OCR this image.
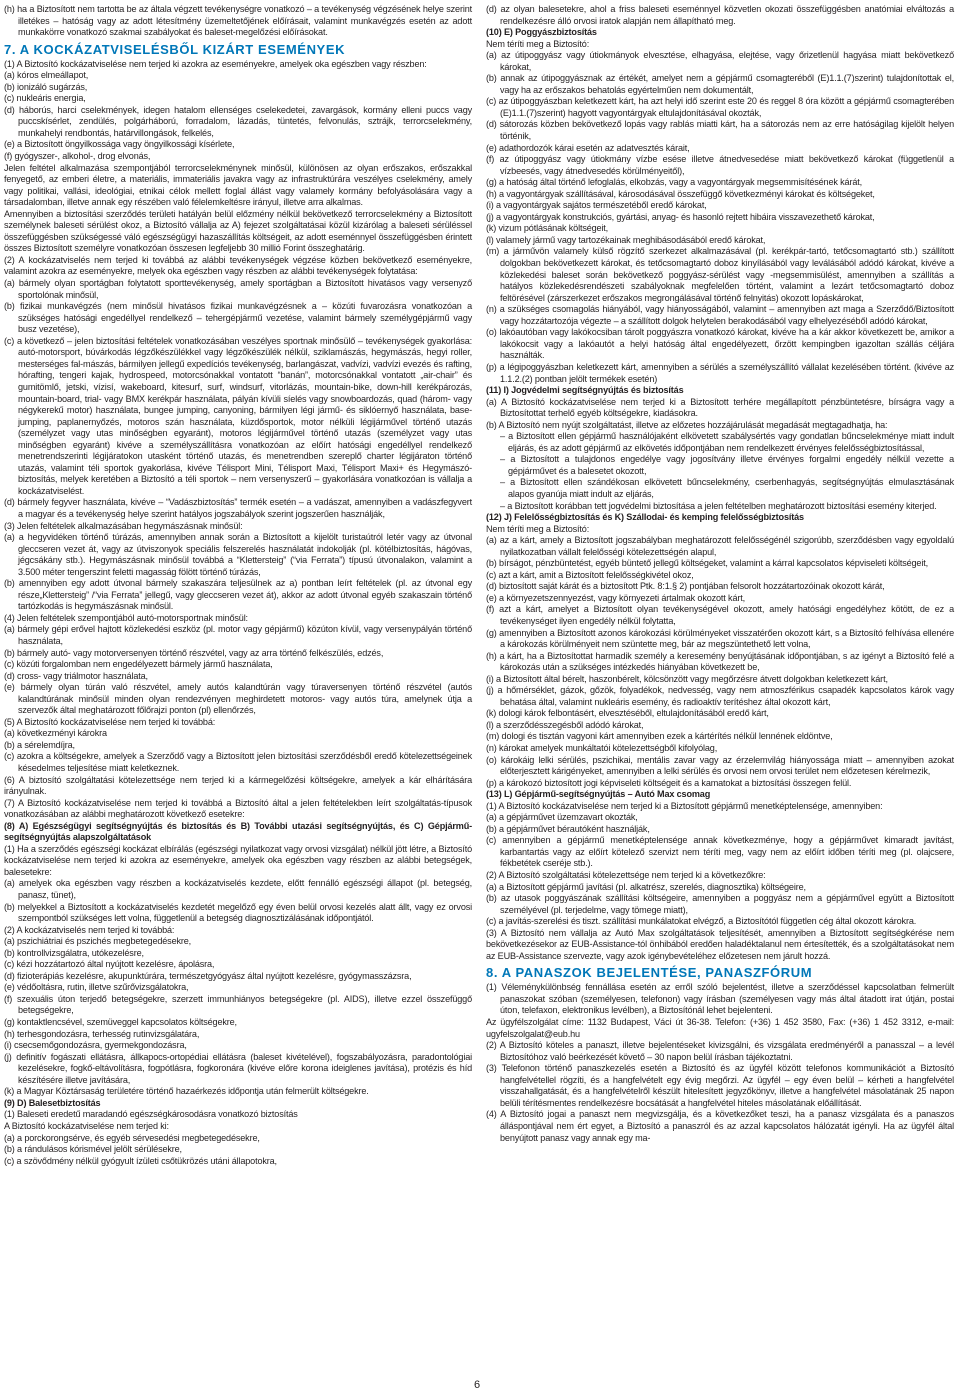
(h) ha a Biztosított nem tartotta be az általa végzett tevékenységre vonatkozó – a tevékenység végzésének helye szerint illetékes – hatóság vagy az adott létesítmény üzemeltetőjének előírásait, valamint munkavégzés esetén az adott munkakörre vonatkozó szakmai szabályokat és baleset-megelőzési előírásokat.

7. A KOCKÁZATVISELÉSBŐL KIZÁRT ESEMÉNYEK

(1) A Biztosító kockázatviselése nem terjed ki azokra az eseményekre, amelyek oka egészben vagy részben:

(a) kóros elmeállapot,

(b) ionizáló sugárzás,

(c) nukleáris energia,

(d) háborús, harci cselekmények, idegen hatalom ellenséges cselekedetei, zavargások, kormány elleni puccs vagy puccskísérlet, zendülés, polgárháború, forradalom, lázadás, tüntetés, felvonulás, sztrájk, terrorcselekmény, munkahelyi rendbontás, határvillongások, felkelés,

(e) a Biztosított öngyilkossága vagy öngyilkossági kísérlete,

(f) gyógyszer-, alkohol-, drog elvonás,

Jelen feltétel alkalmazása szempontjából terrorcselekménynek minősül, különösen az olyan erőszakos, erőszakkal fenyegető, az emberi életre, a materiális, immateriális javakra vagy az infrastruktúrára veszélyes cselekmény, amely vagy politikai, vallási, ideológiai, etnikai célok mellett foglal állást vagy valamely kormány befolyásolására vagy a társadalomban, illetve annak egy részében való félelemkeltésre irányul, illetve arra alkalmas.

Amennyiben a biztosítási szerződés területi hatályán belül előzmény nélkül bekövetkező terrorcselekmény a Biztosított személynek baleseti sérülést okoz, a Biztosító vállalja az A) fejezet szolgáltatásai közül kizárólag a baleseti sérüléssel összefüggésben szükségessé váló egészségügyi hazaszállítás költségeit, az adott eseménnyel összefüggésben érintett összes Biztosított személyre vonatkozóan összesen legfeljebb 30 millió Forint összeghatárig.

(2) A kockázatviselés nem terjed ki továbbá az alábbi tevékenységek végzése közben bekövetkező eseményekre, valamint azokra az eseményekre, melyek oka egészben vagy részben az alábbi tevékenységek folytatása:

(a) bármely olyan sportágban folytatott sporttevékenység, amely sportágban a Biztosított hivatásos vagy versenyző sportolónak minősül,

(b) fizikai munkavégzés (nem minősül hivatásos fizikai munkavégzésnek a – közúti fuvarozásra vonatkozóan a szükséges hatósági engedéllyel rendelkező – tehergépjármű vezetése, valamint bármely személygépjármű vagy busz vezetése),

(c) a következő – jelen biztosítási feltételek vonatkozásában veszélyes sportnak minősülő – tevékenységek gyakorlása: autó-motorsport, búvárkodás légzőkészülékkel vagy légzőkészülék nélkül, sziklamászás, hegymászás, hegyi roller, mesterséges fal-mászás, bármilyen jellegű expedíciós tevékenység, barlangászat, vadvízi, vadvízi evezés és rafting, hórafting, tengeri kajak, hydrospeed, motorcsónakkal vontatott “banán”, motorcsónakkal vontatott „air-chair” és gumitömlő, jetski, vízisí, wakeboard, kitesurf, surf, windsurf, vitorlázás, mountain-bike, down-hill kerékpározás, mountain-board, trial- vagy BMX kerékpár használata, pályán kívüli síelés vagy snowboardozás, quad (három- vagy négykerekű motor) használata, bungee jumping, canyoning, bármilyen légi jármű- és siklóernyő használata, base-jumping, paplanernyőzés, motoros szán használata, küzdősportok, motor nélküli légijárművel történő utazás (személyzet vagy utas minőségben egyaránt), motoros légijárművel történő utazás (személyzet vagy utas minőségben egyaránt) kivéve a személyszállításra vonatkozóan az előírt hatósági engedéllyel rendelkező menetrendszerinti légijáratokon utasként történő utazás, és menetrendben szereplő charter légijáraton történő utazás, valamint téli sportok gyakorlása, kivéve Télisport Mini, Télisport Maxi, Télisport Maxi+ és Hegymászó-biztosítás, melyek keretében a Biztosító a téli sportok – nem versenyszerű – gyakorlására vonatkozóan is vállalja a kockázatviselést.

(d) bármely fegyver használata, kivéve – “Vadászbiztosítás” termék esetén – a vadászat, amennyiben a vadászfegyvert a magyar és a tevékenység helye szerint hatályos jogszabályok szerint jogszerűen használják,

(3) Jelen feltételek alkalmazásában hegymászásnak minősül:

(a) a hegyvidéken történő túrázás, amennyiben annak során a Biztosított a kijelölt turistaútról letér vagy az útvonal gleccseren vezet át, vagy az útviszonyok speciális felszerelés használatát indokolják (pl. kötélbiztosítás, hágóvas, jégcsákány stb.). Hegymászásnak minősül továbbá a “Klettersteig” (“via Ferrata”) típusú útvonalakon, valamint a 3.500 méter tengerszint feletti magasság fölött történő túrázás,

(b) amennyiben egy adott útvonal bármely szakaszára teljesülnek az a) pontban leírt feltételek (pl. az útvonal egy része„Klettersteig” /“via Ferrata” jellegű, vagy gleccseren vezet át), akkor az adott útvonal egyéb szakaszain történő tartózkodás is hegymászásnak minősül.

(4) Jelen feltételek szempontjából autó-motorsportnak minősül:

(a) bármely gépi erővel hajtott közlekedési eszköz (pl. motor vagy gépjármű) közúton kívül, vagy versenypályán történő használata,

(b) bármely autó- vagy motorversenyen történő részvétel, vagy az arra történő felkészülés, edzés,

(c) közúti forgalomban nem engedélyezett bármely jármű használata,

(d) cross- vagy triálmotor használata,

(e) bármely olyan túrán való részvétel, amely autós kalandtúrán vagy túraversenyen történő részvétel (autós kalandtúrának minősül minden olyan rendezvényen meghirdetett motoros- vagy autós túra, amelynek útja a szervezők által meghatározott főlőrajzi ponton (pl) ellenőrzés,

(5) A Biztosító kockázatviselése nem terjed ki továbbá:

(a) következményi károkra

(b) a sérelemdíjra,

(c) azokra a költségekre, amelyek a Szerződő vagy a Biztosított jelen biztosítási szerződésből eredő kötelezettségeinek késedelmes teljesítése miatt keletkeznek.

(6) A biztosító szolgáltatási kötelezettsége nem terjed ki a kármegelőzési költségekre, amelyek a kár elhárítására irányulnak.

(7) A Biztosító kockázatviselése nem terjed ki továbbá a Biztosító által a jelen feltételekben leírt szolgáltatás-típusok vonatkozásában az alábbi meghatározott következő esetekre:

(8) A) Egészségügyi segítségnyújtás és biztosítás és B) További utazási segítségnyújtás, és C) Gépjármű-segítségnyújtás alapszolgáltatások

(1) Ha a szerződés egészségi kockázat elbírálás (egészségi nyilatkozat vagy orvosi vizsgálat) nélkül jött létre, a Biztosító kockázatviselése nem terjed ki azokra az eseményekre, amelyek oka egészben vagy részben az alábbi betegségek, balesetekre:

(a) amelyek oka egészben vagy részben a kockázatviselés kezdete, előtt fennálló egészségi állapot (pl. betegség, panasz, tünet),

(b) melyekkel a Biztosított a kockázatviselés kezdetét megelőző egy éven belül orvosi kezelés alatt állt, vagy ez orvosi szempontból szükséges lett volna, függetlenül a betegség diagnosztizálásának időpontjától.

(2) A kockázatviselés nem terjed ki továbbá:

(a) pszichiátriai és pszichés megbetegedésekre,

(b) kontrollvizsgálatra, utókezelésre,

(c) kézi hozzátartozó által nyújtott kezelésre, ápolásra,

(d) fizioterápiás kezelésre, akupunktúrára, természetgyógyász által nyújtott kezelésre, gyógymasszázsra,

(e) védőoltásra, rutin, illetve szűrővizsgálatokra,

(f) szexuális úton terjedő betegségekre, szerzett immunhiányos betegségekre (pl. AIDS), illetve ezzel összefüggő betegségekre,

(g) kontaktlencsével, szemüveggel kapcsolatos költségekre,

(h) terhesgondozásra, terhesség rutinvizsgálatára,

(i) csecsemőgondozásra, gyermekgondozásra,

(j) definitív fogászati ellátásra, állkapocs-ortopédiai ellátásra (baleset kivételével), fogszabályozásra, paradontológiai kezelésekre, fogkő-eltávolításra, fogpótlásra, fogkoronára (kivéve előre korona ideiglenes javítása), protézis és híd készítésére illetve javítására,

(k) a Magyar Köztársaság területére történő hazaérkezés időpontja után felmerült költségekre.

(9) D) Balesetbiztosítás

(1) Baleseti eredetű maradandó egészségkárosodásra vonatkozó biztosítás

A Biztosító kockázatviselése nem terjed ki:

(a) a porckorongsérve, és egyéb sérvesedési megbetegedésekre,

(b) a rándulásos kórismével jelölt sérülésekre,

(c) a szövődmény nélkül gyógyult ízületi csőtükrözés utáni állapotokra,

(d) az olyan balesetekre, ahol a friss baleseti eseménnyel közvetlen okozati összefüggésben anatómiai elváltozás a rendelkezésre álló orvosi iratok alapján nem állapítható meg.

(10) E) Poggyászbiztosítás

Nem téríti meg a Biztosító:

(a) az útipoggyász vagy útiokmányok elvesztése, elhagyása, elejtése, vagy őrizetlenül hagyása miatt bekövetkező károkat,

(b) annak az útipoggyásznak az értékét, amelyet nem a gépjármű csomagteréből (E)1.1.(7)szerint) tulajdonítottak el, vagy ha az erőszakos behatolás egyértelműen nem dokumentált,

(c) az útipoggyászban keletkezett kárt, ha azt helyi idő szerint este 20 és reggel 8 óra között a gépjármű csomagterében (E)1.1.(7)szerint) hagyott vagyontárgyak eltulajdonításával okozták,

(d) sátorozás közben bekövetkező lopás vagy rablás miatti kárt, ha a sátorozás nem az erre hatóságilag kijelölt helyen történik,

(e) adathordozók kárai esetén az adatvesztés kárait,

(f) az útipoggyász vagy útiokmány vízbe esése illetve átnedvesedése miatt bekövetkező károkat (függetlenül a vízbeesés, vagy átnedvesedés körülményeitől),

(g) a hatóság által történő lefoglalás, elkobzás, vagy a vagyontárgyak megsemmisítésének kárát,

(h) a vagyontárgyak szállításával, károsodásával összefüggő következményi károkat és költségeket,

(i) a vagyontárgyak sajátos természetéből eredő károkat,

(j) a vagyontárgyak konstrukciós, gyártási, anyag- és hasonló rejtett hibáira visszavezethető károkat,

(k) vizum pótlásának költségeit,

(l) valamely jármű vagy tartozékainak meghibásodásából eredő károkat,

(m) a járművön valamely külső rögzítő szerkezet alkalmazásával (pl. kerékpár-tartó, tetőcsomagtartó stb.) szállított dolgokban bekövetkezett károkat, és tetőcsomagtartó doboz kinyílásából vagy leválásából adódó károkat, kivéve a közlekedési baleset során bekövetkező poggyász-sérülést vagy -megsemmisülést, amennyiben a szállítás a hatályos közlekedésrendészeti szabályoknak megfelelően történt, valamint a lezárt tetőcsomagtartó doboz feltörésével (zárszerkezet erőszakos megrongálásával történő felnyitás) okozott lopáskárokat,

(n) a szükséges csomagolás hiányából, vagy hiányosságából, valamint – amennyiben azt maga a Szerződő/Biztosított vagy hozzátartozója végezte – a szállított dolgok helytelen berakodásából vagy elhelyezéséből adódó károkat,

(o) lakóautóban vagy lakókocsiban tárolt poggyászra vonatkozó károkat, kivéve ha a kár akkor következett be, amikor a lakókocsit vagy a lakóautót a helyi hatóság által engedélyezett, őrzött kempingben igazoltan szállás céljára használták.

(p) a légipoggyászban keletkezett kárt, amennyiben a sérülés a személyszállító vállalat kezelésében történt. (kivéve az 1.1.2.(2) pontban jelölt termékek esetén)

(11) I) Jogvédelmi segítségnyújtás és biztosítás

(a) A Biztosító kockázatviselése nem terjed ki a Biztosított terhére megállapított pénzbüntetésre, bírságra vagy a Biztosítottat terhelő egyéb költségekre, kiadásokra.

(b) A Biztosító nem nyújt szolgáltatást, illetve az előzetes hozzájárulását megadását megtagadhatja, ha:

– a Biztosított ellen gépjármű használójaként elkövetett szabálysértés vagy gondatlan bűncselekménye miatt indult eljárás, és az adott gépjármű az elkövetés időpontjában nem rendelkezett érvényes felelősségbiztosítással,

– a Biztosított a tulajdonos engedélye vagy jogosítvány illetve érvényes forgalmi engedély nélkül vezette a gépjárművet és a balesetet okozott,

– a Biztosított ellen szándékosan elkövetett bűncselekmény, cserbenhagyás, segítségnyújtás elmulasztásának alapos gyanúja miatt indult az eljárás,

– a Biztosított korábban tett jogvédelmi biztosítása a jelen feltételben meghatározott biztosítási esemény kiterjed.

(12) J) Felelősségbiztosítás és K) Szállodai- és kemping felelősségbiztosítás

Nem téríti meg a Biztosító:

(a) az a kárt, amely a Biztosított jogszabályban meghatározott felelősségénél szigorúbb, szerződésben vagy egyoldalú nyilatkozatban vállalt felelősségi kötelezettségén alapul,

(b) bírságot, pénzbüntetést, egyéb büntető jellegű költségeket, valamint a kárral kapcsolatos képviseleti költségeit,

(c) azt a kárt, amit a Biztosított felelősségkivétel okoz,

(d) biztosított saját kárát és a biztosított Ptk. 8:1.§ 2) pontjában felsorolt hozzátartozóinak okozott kárát,

(e) a környezetszennyezést, vagy környezeti ártalmak okozott kárt,

(f) azt a kárt, amelyet a Biztosított olyan tevékenységével okozott, amely hatósági engedélyhez kötött, de ez a tevékenységet ilyen engedély nélkül folytatta,

(g) amennyiben a Biztosított azonos károkozási körülményeket visszatérően okozott kárt, s a Biztosító felhívása ellenére a károkozás körülményeit nem szüntette meg, bár az megszüntethető lett volna,

(h) a kárt, ha a Biztosítottat harmadik személy a keresemény benyújtásának időpontjában, s az igényt a Biztosító felé a károkozás után a szükséges intézkedés hiányában következett be,

(i) a Biztosított által bérelt, haszonbérelt, kölcsönzött vagy megőrzésre átvett dolgokban keletkezett kárt,

(j) a hőmérséklet, gázok, gőzök, folyadékok, nedvesség, vagy nem atmoszférikus csapadék kapcsolatos károk vagy behatása által, valamint nukleáris esemény, és radioaktív terítéshez által okozott kárt,

(k) dologi károk felbontásért, elvesztéséből, eltulajdonításából eredő kárt,

(l) a szerződésszegésből adódó károkat,

(m) dologi és tisztán vagyoni kárt amennyiben ezek a kártérítés nélkül lennének eldöntve,

(n) károkat amelyek munkáltatói kötelezettségből kifolyólag,

(o) károkáig lelki sérülés, pszichikai, mentális zavar vagy az érzelemvilág hiányossága miatt – amennyiben azokat előterjesztett kárigényeket, amennyiben a lelki sérülés és orvosi nem orvosi terület nem előzetesen kérelmezik,

(p) a károkozó biztosított jogi képviseleti költségeit és a kamatokat a biztosítási összegen felül.

(13) L) Gépjármű-segítségnyújtás – Autó Max csomag

(1) A Biztosító kockázatviselése nem terjed ki a Biztosított gépjármű menetképtelensége, amennyiben:

(a) a gépjárművet üzemzavart okozták,

(b) a gépjárművet bérautóként használják,

(c) amennyiben a gépjármű menetképtelensége annak következménye, hogy a gépjárművet kimaradt javítást, karbantartás vagy az előírt kötelező szervizt nem téríti meg, vagy nem az előírt időben téríti meg (pl. olajcsere, fékbetétek cseréje stb.).

(2) A Biztosító szolgáltatási kötelezettsége nem terjed ki a következőkre:

(a) a Biztosított gépjármű javítási (pl. alkatrész, szerelés, diagnosztika) költségeire,

(b) az utasok poggyászának szállítási költségeire, amennyiben a poggyász nem a gépjárművel együtt a Biztosított személyével (pl. terjedelme, vagy tömege miatt),

(c) a javítás-szerelési és tiszt. szállítási munkálatokat elvégző, a Biztosítótól független cég által okozott károkra.

(3) A Biztosító nem vállalja az Autó Max szolgáltatások teljesítését, amennyiben a Biztosított segítségkérése nem bekövetkezésekor az EUB-Assistance-tól önhibából eredően haladéktalanul nem értesítették, és a szolgáltatásokat nem az EUB-Assistance szervezte, vagy azok igénybevételéhez előzetesen nem járult hozzá.

8. A PANASZOK BEJELENTÉSE, PANASZFÓRUM

(1) Véleménykülönbség fennállása esetén az erről szóló bejelentést, illetve a szerződéssel kapcsolatban felmerült panaszokat szóban (személyesen, telefonon) vagy írásban (személyesen vagy más által átadott irat útján, postai úton, telefaxon, elektronikus levélben), a Biztosítónál lehet bejelenteni.

Az ügyfélszolgálat címe: 1132 Budapest, Váci út 36-38. Telefon: (+36) 1 452 3580, Fax: (+36) 1 452 3312, e-mail: ugyfelszolgalat@eub.hu

(2) A Biztosító köteles a panaszt, illetve bejelentéseket kivizsgálni, és vizsgálata eredményéről a panasszal – a levél Biztosítóhoz való beérkezését követő – 30 napon belül írásban tájékoztatni.

(3) Telefonon történő panaszkezelés esetén a Biztosító és az ügyfél között telefonos kommunikációt a Biztosító hangfelvétellel rögzíti, és a hangfelvételt egy évig megőrzi. Az ügyfél – egy éven belül – kérheti a hangfelvétel visszahallgatását, és a hangfelvételről készült hitelesített jegyzőkönyv, illetve a hangfelvétel másolatának 25 napon belüli térítésmentes rendelkezésre bocsátását a hangfelvétel hiteles másolatának előállítását.

(4) A Biztosító jogai a panaszt nem megvizsgálja, és a következőket teszi, ha a panasz vizsgálata és a panaszos álláspontjával nem ért egyet, a Biztosító a panaszról és az azzal kapcsolatos hálózatát igényli. Ha az ügyfél által benyújtott panasz vagy annak egy ma-

6
